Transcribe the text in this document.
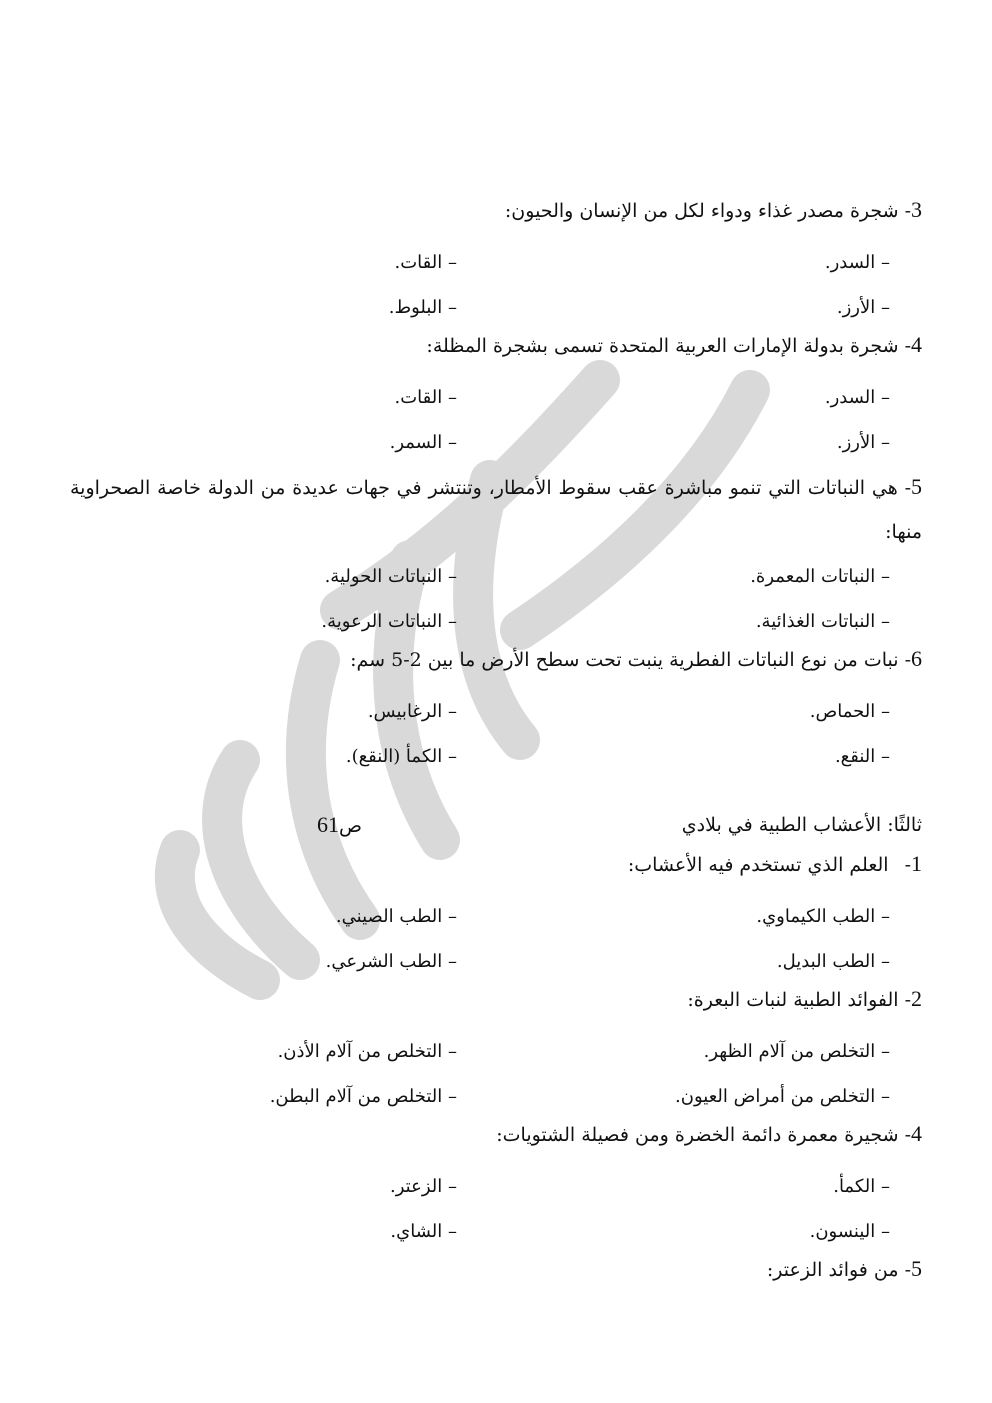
3
-
شجرة مصدر غذاء ودواء لكل من الإنسان والحيون:
– السدر.
– القات.
– الأرز.
– البلوط.
4
-
شجرة بدولة الإمارات العربية المتحدة تسمى بشجرة المظلة:
– السدر.
– القات.
– الأرز.
– السمر.
5- هي النباتات التي تنمو مباشرة عقب سقوط الأمطار، وتنتشر في جهات عديدة من الدولة خاصة الصحراوية منها:
– النباتات المعمرة.
– النباتات الحولية.
– النباتات الغذائية.
– النباتات الرعوية.
6
-
نبات من نوع النباتات الفطرية ينبت تحت سطح الأرض ما بين 2-5 سم:
– الحماص.
– الرغابيس.
– النقع.
– الكمأ (النقع).
ثالثًا: الأعشاب الطبية في بلادي
ص61
1
-
العلم الذي تستخدم فيه الأعشاب:
– الطب الكيماوي.
– الطب الصيني.
– الطب البديل.
– الطب الشرعي.
2
-
الفوائد الطبية لنبات البعرة:
– التخلص من آلام الظهر.
– التخلص من آلام الأذن.
– التخلص من أمراض العيون.
– التخلص من آلام البطن.
4
-
شجيرة معمرة دائمة الخضرة ومن فصيلة الشتويات:
– الكمأ.
– الزعتر.
– الينسون.
– الشاي.
5
-
من فوائد الزعتر:
